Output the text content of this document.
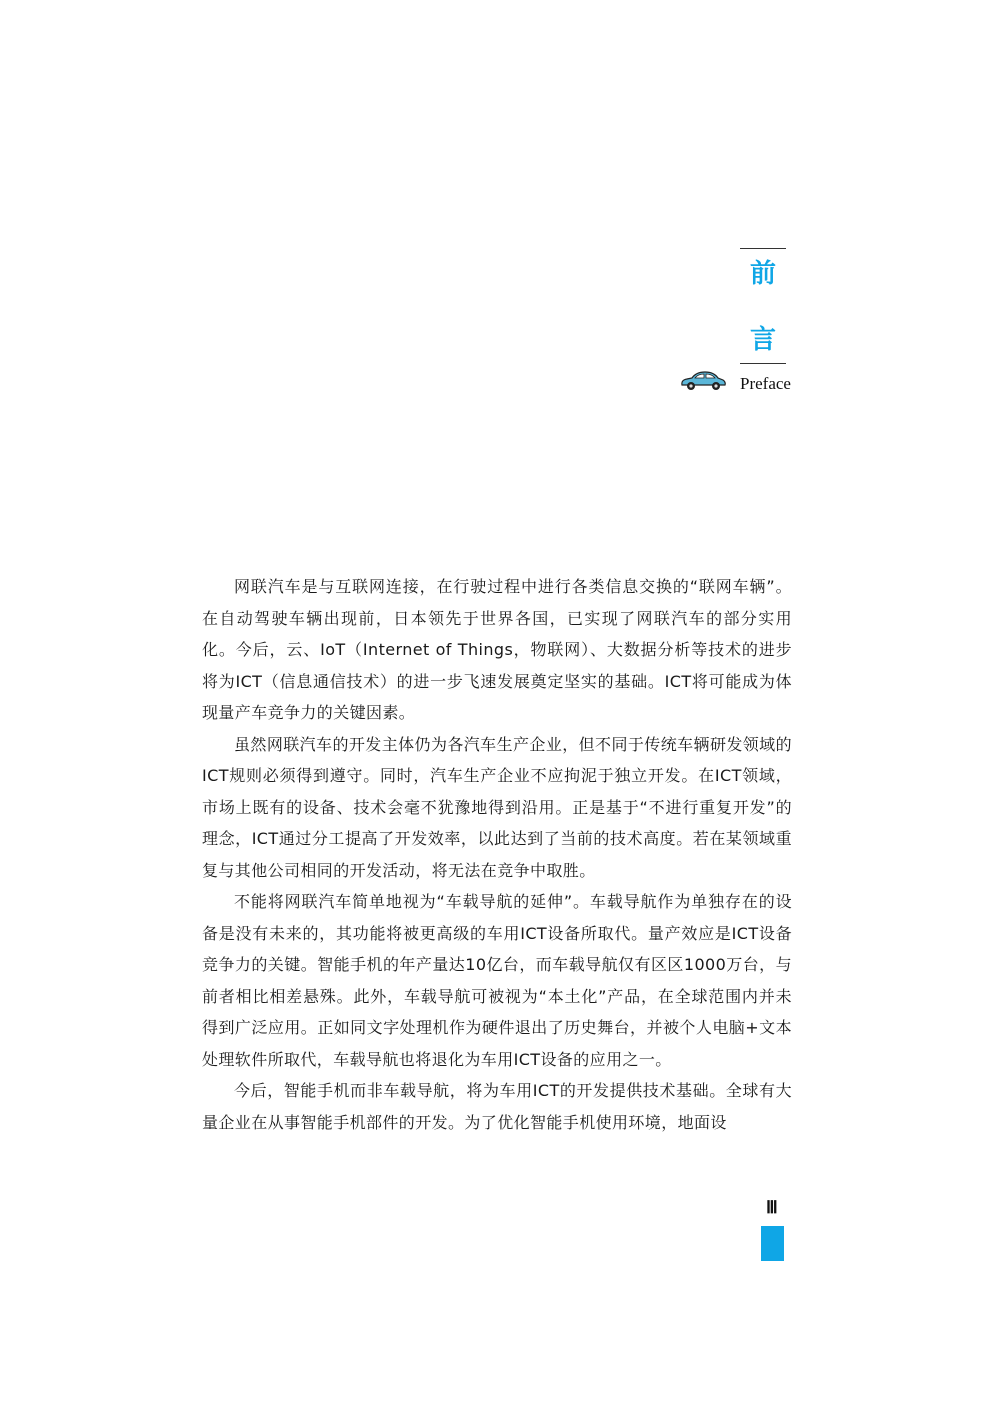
前
言
Preface

网联汽车是与互联网连接，在行驶过程中进行各类信息交换的“联网车辆”。在自动驾驶车辆出现前，日本领先于世界各国，已实现了网联汽车的部分实用化。今后，云、IoT（Internet of Things，物联网）、大数据分析等技术的进步将为ICT（信息通信技术）的进一步飞速发展奠定坚实的基础。ICT将可能成为体现量产车竞争力的关键因素。

虽然网联汽车的开发主体仍为各汽车生产企业，但不同于传统车辆研发领域的ICT规则必须得到遵守。同时，汽车生产企业不应拘泥于独立开发。在ICT领域，市场上既有的设备、技术会毫不犹豫地得到沿用。正是基于“不进行重复开发”的理念，ICT通过分工提高了开发效率，以此达到了当前的技术高度。若在某领域重复与其他公司相同的开发活动，将无法在竞争中取胜。

不能将网联汽车简单地视为“车载导航的延伸”。车载导航作为单独存在的设备是没有未来的，其功能将被更高级的车用ICT设备所取代。量产效应是ICT设备竞争力的关键。智能手机的年产量达10亿台，而车载导航仅有区区1000万台，与前者相比相差悬殊。此外，车载导航可被视为“本土化”产品，在全球范围内并未得到广泛应用。正如同文字处理机作为硬件退出了历史舞台，并被个人电脑+文本处理软件所取代，车载导航也将退化为车用ICT设备的应用之一。

今后，智能手机而非车载导航，将为车用ICT的开发提供技术基础。全球有大量企业在从事智能手机部件的开发。为了优化智能手机使用环境，地面设

Ⅲ
